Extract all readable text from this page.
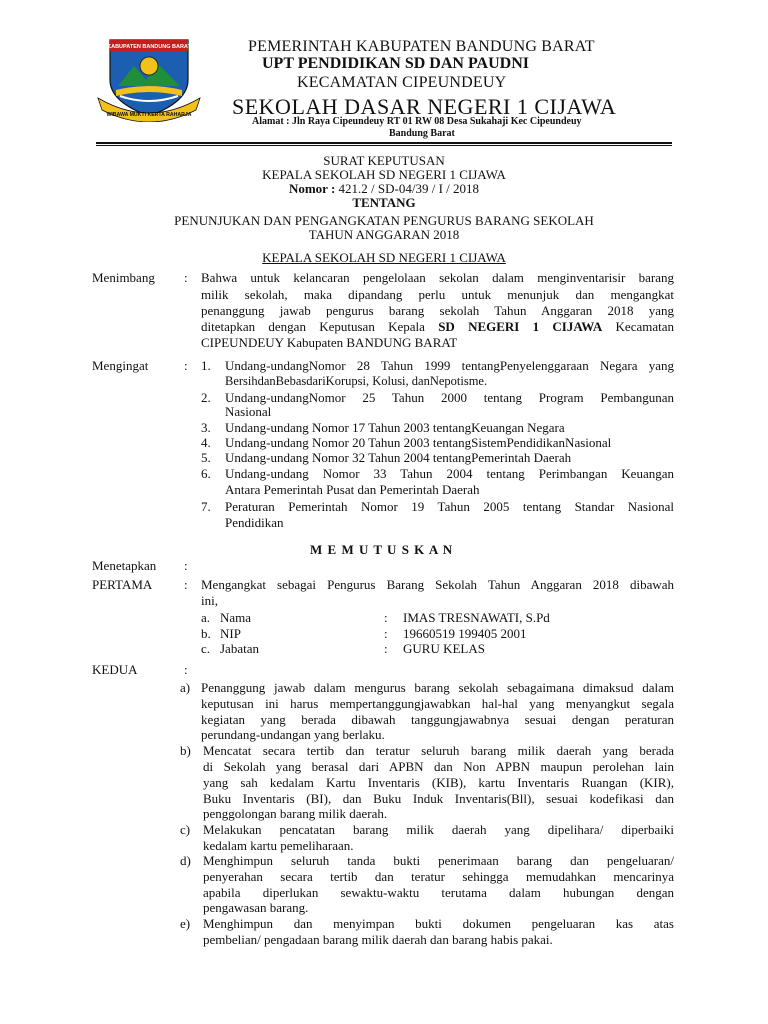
KABUPATEN BANDUNG BARAT
WIBAWA MUKTI KERTA RAHARJA
PEMERINTAH KABUPATEN BANDUNG BARAT
UPT PENDIDIKAN SD DAN PAUDNI
KECAMATAN CIPEUNDEUY
SEKOLAH DASAR NEGERI 1 CIJAWA
Alamat : Jln Raya Cipeundeuy RT 01 RW 08 Desa Sukahaji Kec Cipeundeuy
Bandung Barat
SURAT KEPUTUSAN
KEPALA SEKOLAH SD NEGERI 1 CIJAWA
Nomor : 421.2 / SD-04/39 / I / 2018
TENTANG
PENUNJUKAN DAN PENGANGKATAN PENGURUS BARANG SEKOLAH
TAHUN ANGGARAN 2018
KEPALA SEKOLAH SD NEGERI 1 CIJAWA
Menimbang : Bahwa untuk kelancaran pengelolaan sekolan dalam menginventarisir barang
milik sekolah, maka dipandang perlu untuk menunjuk dan mengangkat
penanggung jawab pengurus barang sekolah Tahun Anggaran 2018 yang
ditetapkan dengan Keputusan Kepala SD NEGERI 1 CIJAWA Kecamatan
CIPEUNDEUY Kabupaten BANDUNG BARAT
Mengingat	: 1. Undang-undangNomor 28 Tahun 1999 tentangPenyelenggaraan Negara yang
BersihdanBebasdariKorupsi, Kolusi, danNepotisme.
2. Undang-undangNomor 25 Tahun 2000 tentang Program Pembangunan
Nasional
3. Undang-undang Nomor 17 Tahun 2003 tentangKeuangan Negara
4. Undang-undang Nomor 20 Tahun 2003 tentangSistemPendidikanNasional
5. Undang-undang Nomor 32 Tahun 2004 tentangPemerintah Daerah
6. Undang-undang Nomor 33 Tahun 2004 tentang Perimbangan Keuangan
Antara Pemerintah Pusat dan Pemerintah Daerah
7. Peraturan Pemerintah Nomor 19 Tahun 2005 tentang Standar Nasional
Pendidikan
M E M U T U S K A N
Menetapkan :
PERTAMA : Mengangkat sebagai Pengurus Barang Sekolah Tahun Anggaran 2018 dibawah
ini,
a. Nama	: IMAS TRESNAWATI, S.Pd
b. NIP	: 19660519 199405 2001
c. Jabatan	: GURU KELAS
KEDUA	:
a) Penanggung jawab dalam mengurus barang sekolah sebagaimana dimaksud dalam
keputusan ini harus mempertanggungjawabkan hal-hal yang menyangkut segala
kegiatan yang berada dibawah tanggungjawabnya sesuai dengan peraturan
perundang-undangan yang berlaku.
b) Mencatat secara tertib dan teratur seluruh barang milik daerah yang berada
di Sekolah yang berasal dari APBN dan Non APBN maupun perolehan lain
yang sah kedalam Kartu Inventaris (KIB), kartu Inventaris Ruangan (KIR),
Buku Inventaris (BI), dan Buku Induk Inventaris(Bll), sesuai kodefikasi dan
penggolongan barang milik daerah.
c) Melakukan pencatatan barang milik daerah yang dipelihara/ diperbaiki
kedalam kartu pemeliharaan.
d) Menghimpun seluruh tanda bukti penerimaan barang dan pengeluaran/
penyerahan secara tertib dan teratur sehingga memudahkan mencarinya
apabila diperlukan sewaktu-waktu terutama dalam hubungan dengan
pengawasan barang.
e) Menghimpun dan menyimpan bukti dokumen pengeluaran kas atas
pembelian/ pengadaan barang milik daerah dan barang habis pakai.
